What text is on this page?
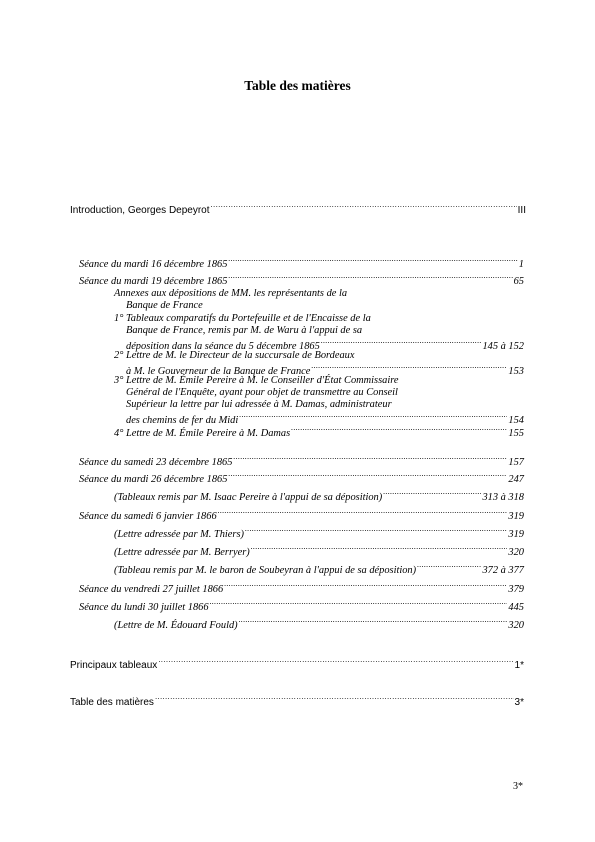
Table des matières
Introduction, Georges Depeyrot .....	III
Séance du mardi 16 décembre 1865 .....	1
Séance du mardi 19 décembre 1865 .....	65
Annexes aux dépositions de MM. les représentants de la
Banque de France
1° Tableaux comparatifs du Portefeuille et de l'Encaisse de la
Banque de France, remis par M. de Waru à l'appui de sa
déposition dans la séance du 5 décembre 1865 .....	145 à 152
2° Lettre de M. le Directeur de la succursale de Bordeaux
à M. le Gouverneur de la Banque de France .....	153
3° Lettre de M. Émile Pereire à M. le Conseiller d'État Commissaire
Général de l'Enquête, ayant pour objet de transmettre au Conseil
Supérieur la lettre par lui adressée à M. Damas, administrateur
des chemins de fer du Midi .....	154
4° Lettre de M. Émile Pereire à M. Damas .....	155
Séance du samedi 23 décembre 1865 .....	157
Séance du mardi 26 décembre 1865 .....	247
(Tableaux remis par M. Isaac Pereire à l'appui de sa déposition) .....	313 à 318
Séance du samedi 6 janvier 1866 .....	319
(Lettre adressée par M. Thiers) .....	319
(Lettre adressée par M. Berryer) .....	320
(Tableau remis par M. le baron de Soubeyran à l'appui de sa déposition) .....	372 à 377
Séance du vendredi 27 juillet 1866 .....	379
Séance du lundi 30 juillet 1866 .....	445
(Lettre de M. Édouard Fould) .....	320
Principaux tableaux .....	1*
Table des matières .....	3*
3*
